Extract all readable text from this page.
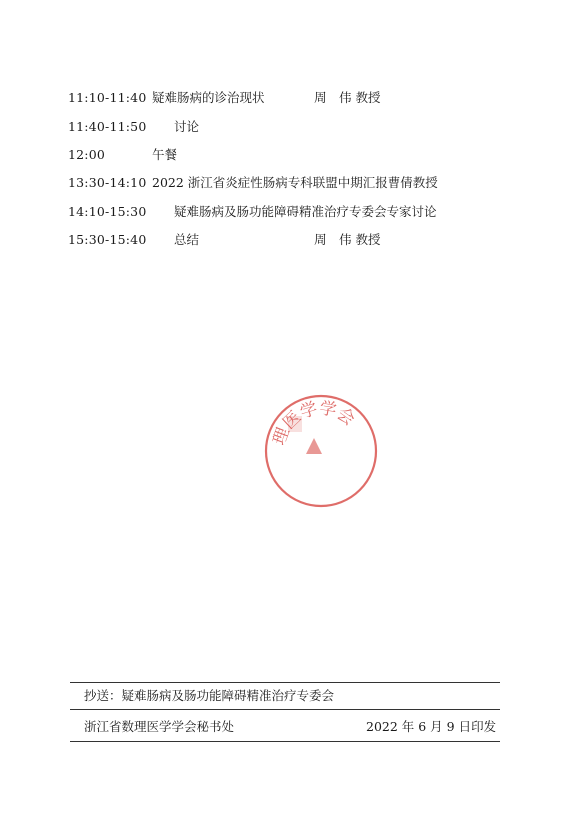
11:10-11:40 疑难肠病的诊治现状	周　伟 教授
11:40-11:50 讨论
12:00	午餐
13:30-14:10 2022 浙江省炎症性肠病专科联盟中期汇报曹倩教授
14:10-15:30 疑难肠病及肠功能障碍精准治疗专委会专家讨论
15:30-15:40 总结	周　伟 教授
理医学学会
抄送：疑难肠病及肠功能障碍精准治疗专委会
浙江省数理医学学会秘书处	2022 年 6 月 9 日印发
